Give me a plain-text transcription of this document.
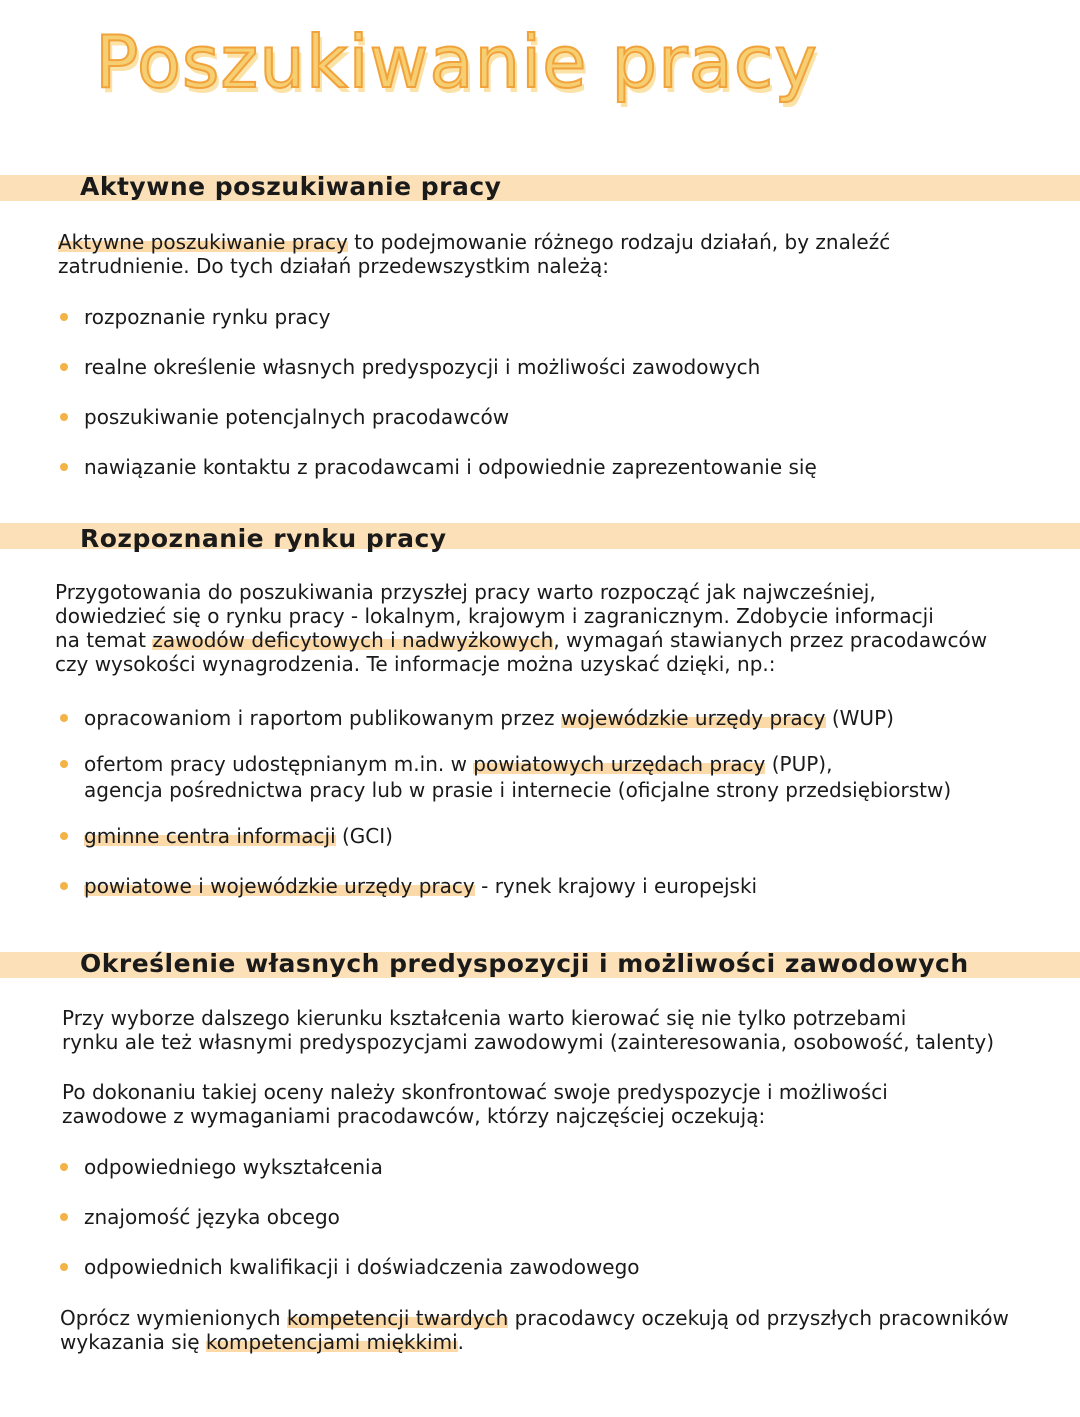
Poszukiwanie pracy
Aktywne poszukiwanie pracy

Aktywne poszukiwanie pracy to podejmowanie różnego rodzaju działań, by znaleźć

zatrudnienie. Do tych działań przedewszystkim należą:

rozpoznanie rynku pracy
realne określenie własnych predyspozycji i możliwości zawodowych
poszukiwanie potencjalnych pracodawców
nawiązanie kontaktu z pracodawcami i odpowiednie zaprezentowanie się
Rozpoznanie rynku pracy

Przygotowania do poszukiwania przyszłej pracy warto rozpocząć jak najwcześniej,

dowiedzieć się o rynku pracy - lokalnym, krajowym i zagranicznym. Zdobycie informacji

na temat zawodów deficytowych i nadwyżkowych, wymagań stawianych przez pracodawców

czy wysokości wynagrodzenia. Te informacje można uzyskać dzięki, np.:

opracowaniom i raportom publikowanym przez wojewódzkie urzędy pracy (WUP)
ofertom pracy udostępnianym m.in. w powiatowych urzędach pracy (PUP),
agencja pośrednictwa pracy lub w prasie i internecie (oficjalne strony przedsiębiorstw)
gminne centra informacji (GCI)
powiatowe i wojewódzkie urzędy pracy - rynek krajowy i europejski
Określenie własnych predyspozycji i możliwości zawodowych

Przy wyborze dalszego kierunku kształcenia warto kierować się nie tylko potrzebami

rynku ale też własnymi predyspozycjami zawodowymi (zainteresowania, osobowość, talenty)

Po dokonaniu takiej oceny należy skonfrontować swoje predyspozycje i możliwości

zawodowe z wymaganiami pracodawców, którzy najczęściej oczekują:

odpowiedniego wykształcenia
znajomość języka obcego
odpowiednich kwalifikacji i doświadczenia zawodowego

Oprócz wymienionych kompetencji twardych pracodawcy oczekują od przyszłych pracowników

wykazania się kompetencjami miękkimi.
